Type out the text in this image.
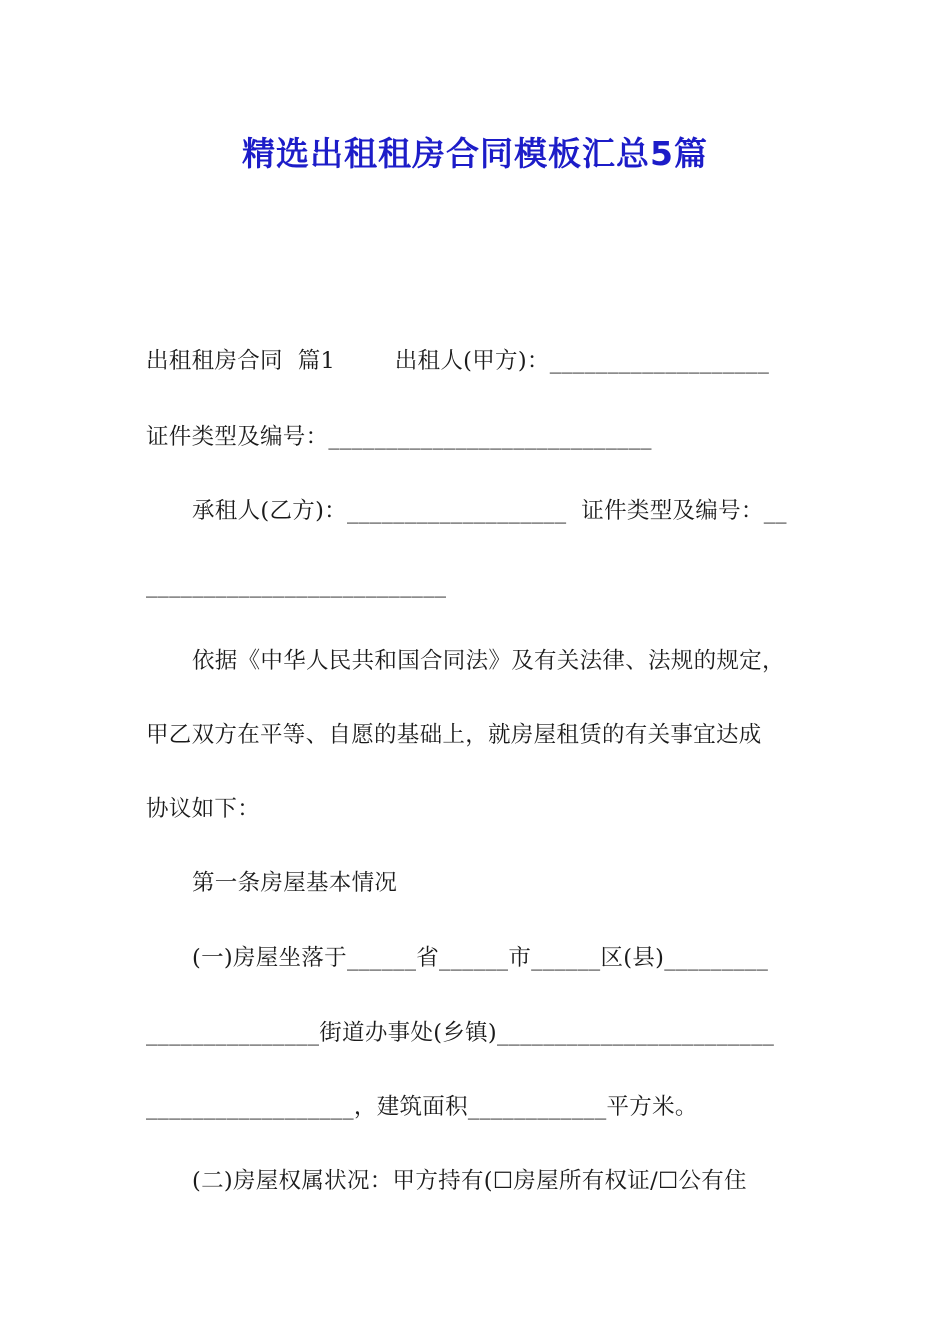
精选出租租房合同模板汇总5篇
出租租房合同  篇1        出租人(甲方)：___________________
证件类型及编号：____________________________
承租人(乙方)：___________________  证件类型及编号：__
__________________________
依据《中华人民共和国合同法》及有关法律、法规的规定，
甲乙双方在平等、自愿的基础上，就房屋租赁的有关事宜达成
协议如下：
第一条房屋基本情况
(一)房屋坐落于______省______市______区(县)_________
_______________街道办事处(乡镇)________________________
__________________，建筑面积____________平方米。
(二)房屋权属状况：甲方持有(☐房屋所有权证/☐公有住
